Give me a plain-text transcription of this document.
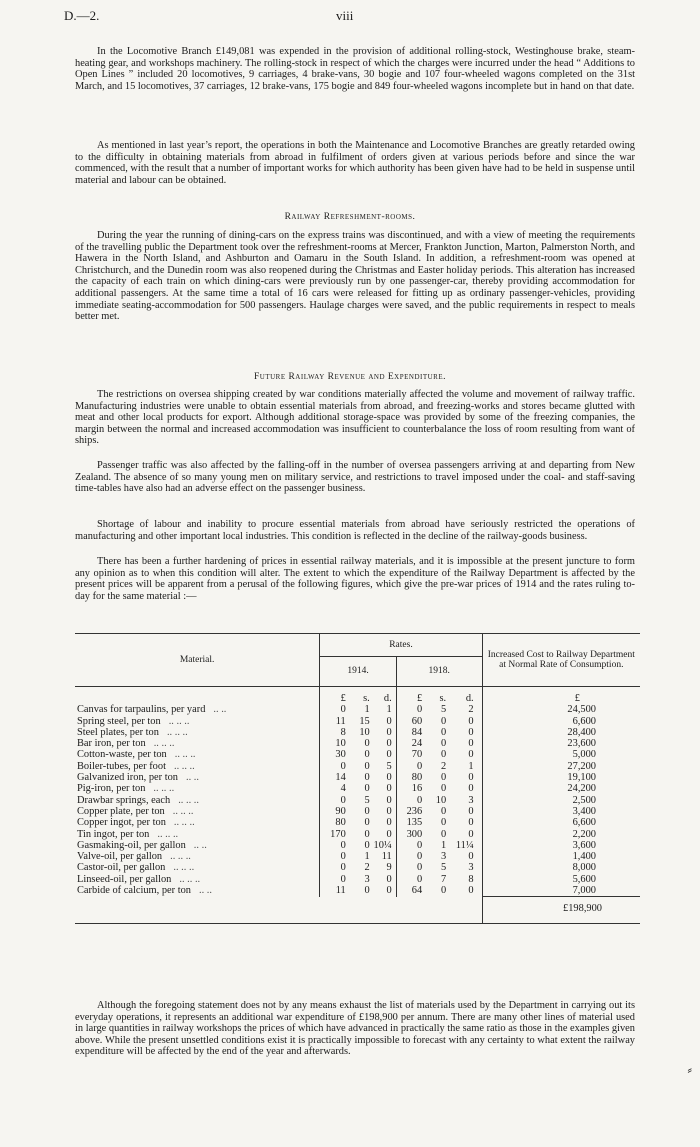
D.—2.	viii

In the Locomotive Branch £149,081 was expended in the provision of additional rolling-stock, Westinghouse brake, steam-heating gear, and workshops machinery. The rolling-stock in respect of which the charges were incurred under the head “ Additions to Open Lines ” included 20 locomotives, 9 carriages, 4 brake-vans, 30 bogie and 107 four-wheeled wagons completed on the 31st March, and 15 locomotives, 37 carriages, 12 brake-vans, 175 bogie and 849 four-wheeled wagons incomplete but in hand on that date.

As mentioned in last year’s report, the operations in both the Maintenance and Locomotive Branches are greatly retarded owing to the difficulty in obtaining materials from abroad in fulfilment of orders given at various periods before and since the war commenced, with the result that a number of important works for which authority has been given have had to be held in suspense until material and labour can be obtained.

Railway Refreshment-rooms.

During the year the running of dining-cars on the express trains was discontinued, and with a view of meeting the requirements of the travelling public the Department took over the refreshment-rooms at Mercer, Frankton Junction, Marton, Palmerston North, and Hawera in the North Island, and Ashburton and Oamaru in the South Island. In addition, a refreshment-room was opened at Christchurch, and the Dunedin room was also reopened during the Christmas and Easter holiday periods. This alteration has increased the capacity of each train on which dining-cars were previously run by one passenger-car, thereby providing accommodation for additional passengers. At the same time a total of 16 cars were released for fitting up as ordinary passenger-vehicles, providing immediate seating-accommodation for 500 passengers. Haulage charges were saved, and the public requirements in respect to meals better met.

Future Railway Revenue and Expenditure.

The restrictions on oversea shipping created by war conditions materially affected the volume and movement of railway traffic. Manufacturing industries were unable to obtain essential materials from abroad, and freezing-works and stores became glutted with meat and other local products for export. Although additional storage-space was provided by some of the freezing companies, the margin between the normal and increased accommodation was insufficient to counterbalance the loss of room resulting from want of ships.

Passenger traffic was also affected by the falling-off in the number of oversea passengers arriving at and departing from New Zealand. The absence of so many young men on military service, and restrictions to travel imposed under the coal- and staff-saving time-tables have also had an adverse effect on the passenger business.

Shortage of labour and inability to procure essential materials from abroad have seriously restricted the operations of manufacturing and other important local industries. This condition is reflected in the decline of the railway-goods business.

There has been a further hardening of prices in essential railway materials, and it is impossible at the present juncture to form any opinion as to when this condition will alter. The extent to which the expenditure of the Railway Department is affected by the present prices will be apparent from a perusal of the following figures, which give the pre-war prices of 1914 and the rates ruling to-day for the same material :—

Material.	Rates.						Increased Cost to Railway Department at Normal Rate of Consumption.
	1914.			1918.			
	£	s.	d.	£	s.	d.	£
Canvas for tarpaulins, per yard .. ..	0	1	1	0	5	2	24,500
Spring steel, per ton .. .. ..	11	15	0	60	0	0	6,600
Steel plates, per ton .. .. ..	8	10	0	84	0	0	28,400
Bar iron, per ton .. .. ..	10	0	0	24	0	0	23,600
Cotton-waste, per ton .. .. ..	30	0	0	70	0	0	5,000
Boiler-tubes, per foot .. .. ..	0	0	5	0	2	1	27,200
Galvanized iron, per ton .. ..	14	0	0	80	0	0	19,100
Pig-iron, per ton .. .. ..	4	0	0	16	0	0	24,200
Drawbar springs, each .. .. ..	0	5	0	0	10	3	2,500
Copper plate, per ton .. .. ..	90	0	0	236	0	0	3,400
Copper ingot, per ton .. .. ..	80	0	0	135	0	0	6,600
Tin ingot, per ton .. .. ..	170	0	0	300	0	0	2,200
Gasmaking-oil, per gallon .. ..	0	0	10¼	0	1	11¼	3,600
Valve-oil, per gallon .. .. ..	0	1	11	0	3	0	1,400
Castor-oil, per gallon .. .. ..	0	2	9	0	5	3	8,000
Linseed-oil, per gallon .. .. ..	0	3	0	0	7	8	5,600
Carbide of calcium, per ton .. ..	11	0	0	64	0	0	7,000
							£198,900

Although the foregoing statement does not by any means exhaust the list of materials used by the Department in carrying out its everyday operations, it represents an additional war expenditure of £198,900 per annum. There are many other lines of material used in large quantities in railway workshops the prices of which have advanced in practically the same ratio as those in the examples given above. While the present unsettled conditions exist it is practically impossible to forecast with any certainty to what extent the railway expenditure will be affected by the end of the year and afterwards.

⸗
